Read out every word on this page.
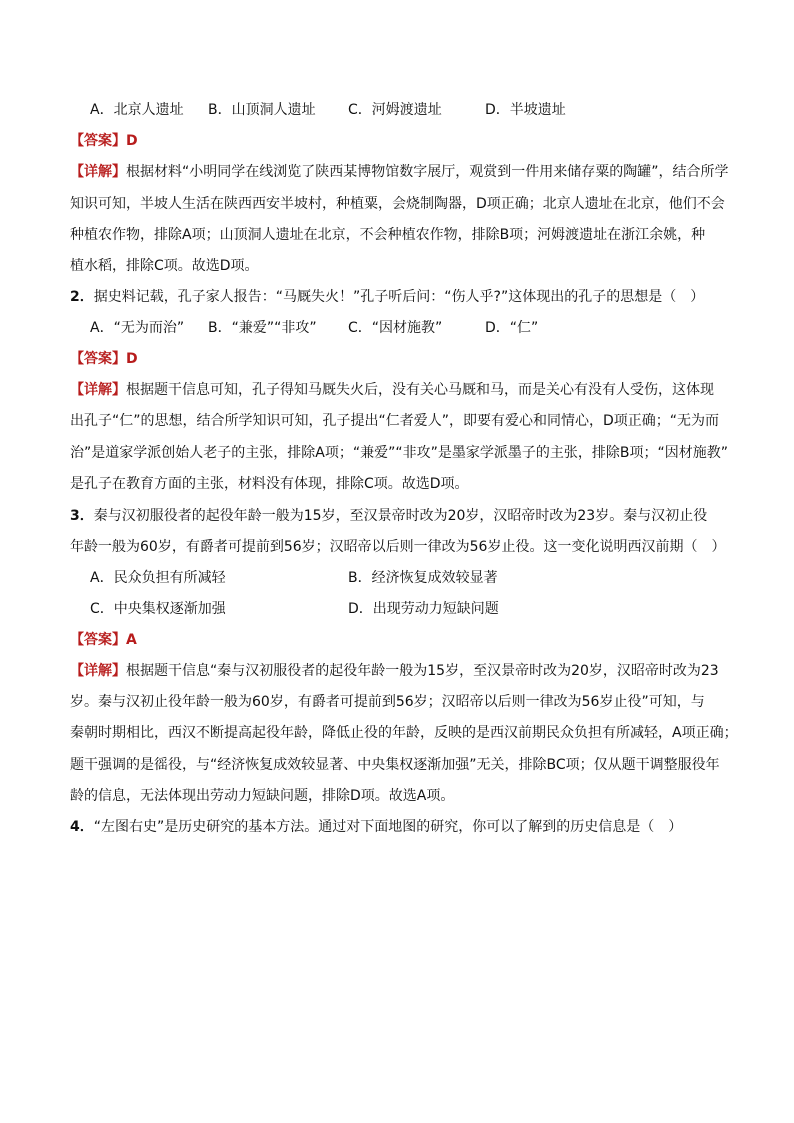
A．北京人遗址 B．山顶洞人遗址 C．河姆渡遗址	D．半坡遗址
【答案】D
【详解】根据材料“小明同学在线浏览了陕西某博物馆数字展厅，观赏到一件用来储存粟的陶罐”，结合所学
知识可知，半坡人生活在陕西西安半坡村，种植粟，会烧制陶器，D项正确；北京人遗址在北京，他们不会
种植农作物，排除A项；山顶洞人遗址在北京，不会种植农作物，排除B项；河姆渡遗址在浙江余姚，种
植水稻，排除C项。故选D项。
2．据史料记载，孔子家人报告：“马厩失火！”孔子听后问：“伤人乎?”这体现出的孔子的思想是（　）
A．“无为而治” B．“兼爱”“非攻” C．“因材施教”	D．“仁”
【答案】D
【详解】根据题干信息可知，孔子得知马厩失火后，没有关心马厩和马，而是关心有没有人受伤，这体现
出孔子“仁”的思想，结合所学知识可知，孔子提出“仁者爱人”，即要有爱心和同情心，D项正确；“无为而
治”是道家学派创始人老子的主张，排除A项；“兼爱”“非攻”是墨家学派墨子的主张，排除B项；“因材施教”
是孔子在教育方面的主张，材料没有体现，排除C项。故选D项。
3．秦与汉初服役者的起役年龄一般为15岁，至汉景帝时改为20岁，汉昭帝时改为23岁。秦与汉初止役
年龄一般为60岁，有爵者可提前到56岁；汉昭帝以后则一律改为56岁止役。这一变化说明西汉前期（　）
A．民众负担有所减轻	B．经济恢复成效较显著
C．中央集权逐渐加强	D．出现劳动力短缺问题
【答案】A
【详解】根据题干信息“秦与汉初服役者的起役年龄一般为15岁，至汉景帝时改为20岁，汉昭帝时改为23
岁。秦与汉初止役年龄一般为60岁，有爵者可提前到56岁；汉昭帝以后则一律改为56岁止役”可知，与
秦朝时期相比，西汉不断提高起役年龄，降低止役的年龄，反映的是西汉前期民众负担有所减轻，A项正确；
题干强调的是徭役，与“经济恢复成效较显著、中央集权逐渐加强”无关，排除BC项；仅从题干调整服役年
龄的信息，无法体现出劳动力短缺问题，排除D项。故选A项。
4．“左图右史”是历史研究的基本方法。通过对下面地图的研究，你可以了解到的历史信息是（　）
